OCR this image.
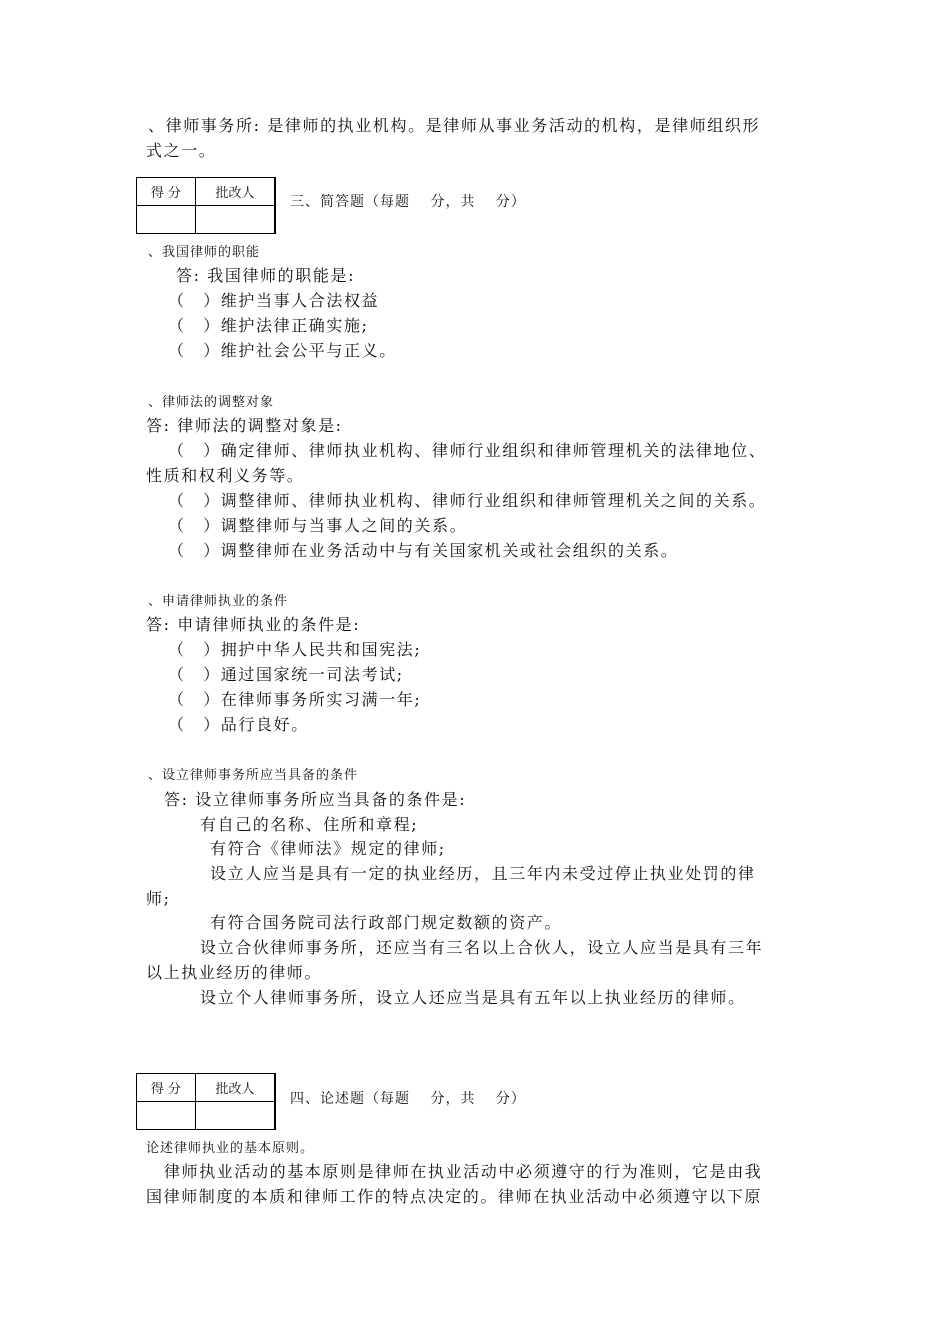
、律师事务所: 是律师的执业机构。是律师从事业务活动的机构，是律师组织形
式之一。
得 分	批改人

三、简答题（每题　 分，共　 分）
、我国律师的职能
答: 我国律师的职能是:
（　）维护当事人合法权益
（　）维护法律正确实施;
（　）维护社会公平与正义。
、律师法的调整对象
答: 律师法的调整对象是:
（　）确定律师、律师执业机构、律师行业组织和律师管理机关的法律地位、
性质和权利义务等。
（　）调整律师、律师执业机构、律师行业组织和律师管理机关之间的关系。
（　）调整律师与当事人之间的关系。
（　）调整律师在业务活动中与有关国家机关或社会组织的关系。
、申请律师执业的条件
答: 申请律师执业的条件是:
（　）拥护中华人民共和国宪法;
（　）通过国家统一司法考试;
（　）在律师事务所实习满一年;
（　）品行良好。
、设立律师事务所应当具备的条件
答: 设立律师事务所应当具备的条件是:
有自己的名称、住所和章程;
有符合《律师法》规定的律师;
设立人应当是具有一定的执业经历，且三年内未受过停止执业处罚的律
师;
有符合国务院司法行政部门规定数额的资产。
设立合伙律师事务所，还应当有三名以上合伙人，设立人应当是具有三年
以上执业经历的律师。
设立个人律师事务所，设立人还应当是具有五年以上执业经历的律师。
得 分	批改人

四、论述题（每题　 分，共　 分）
论述律师执业的基本原则。
律师执业活动的基本原则是律师在执业活动中必须遵守的行为准则，它是由我
国律师制度的本质和律师工作的特点决定的。律师在执业活动中必须遵守以下原
